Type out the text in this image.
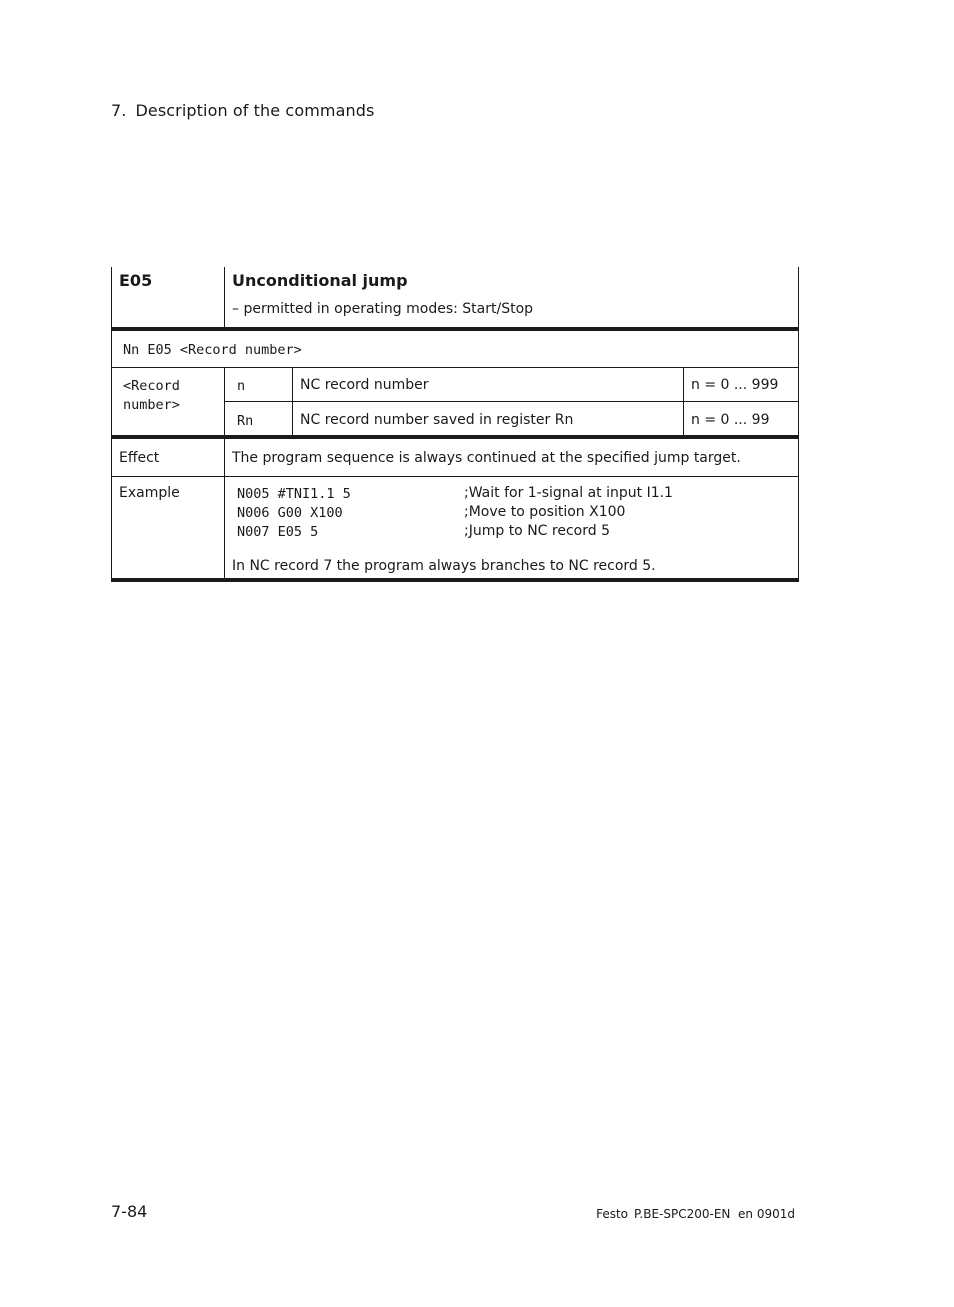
7. Description of the commands
E05	Unconditional jump
– permitted in operating modes: Start/Stop
Nn E05 <Record number>
<Record number>
n	NC record number	n = 0 ... 999
Rn	NC record number saved in register Rn	n = 0 ... 99
Effect	The program sequence is always continued at the specified jump target.
Example	N005 #TNI1.1 5	;Wait for 1-signal at input I1.1
N006 G00 X100	;Move to position X100
N007 E05 5	;Jump to NC record 5
In NC record 7 the program always branches to NC record 5.
7-84	Festo P.BE-SPC200-EN en 0901d
